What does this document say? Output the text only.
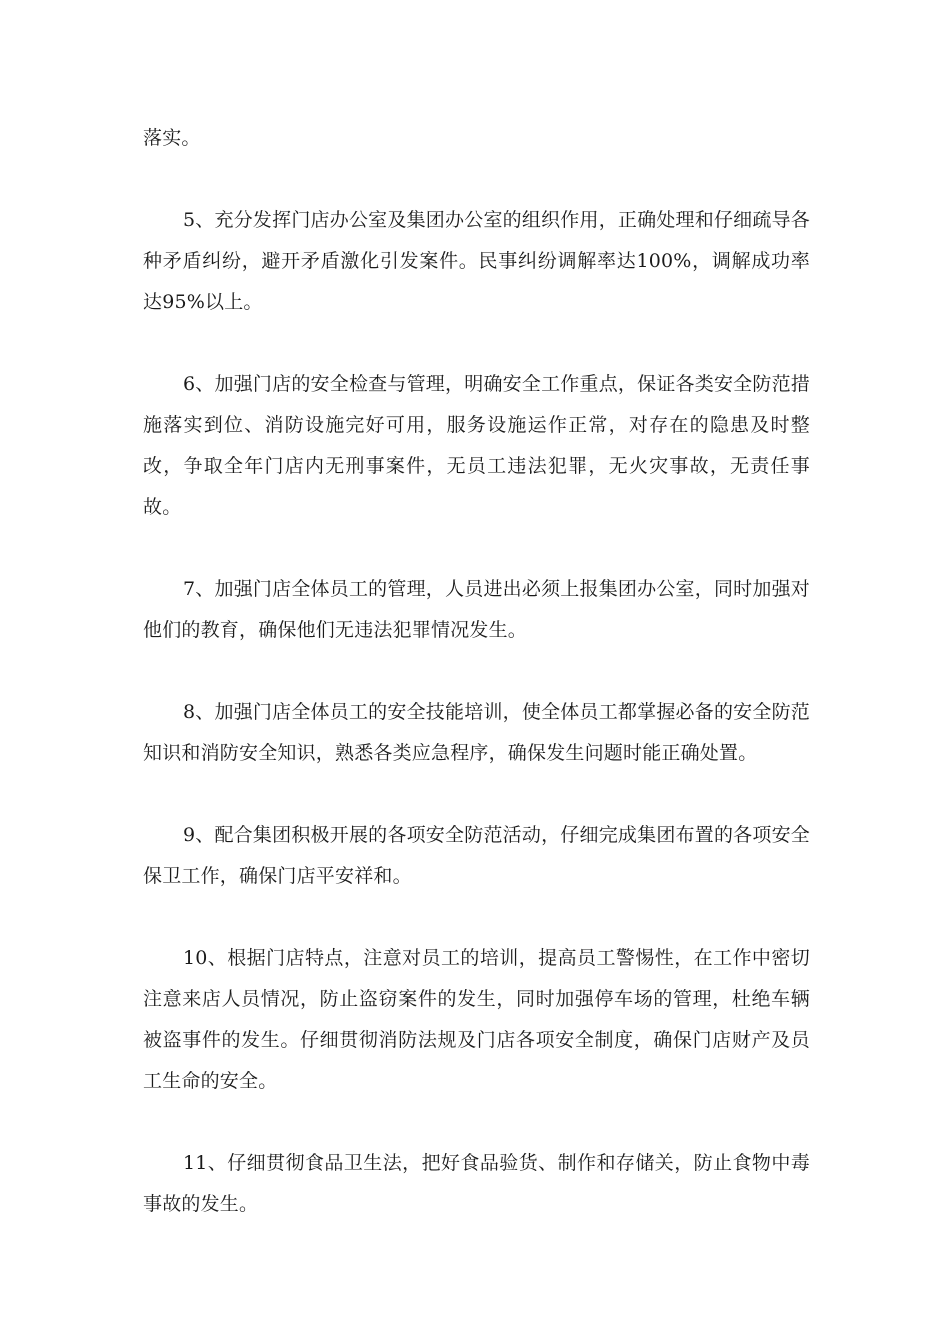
落实。

5、充分发挥门店办公室及集团办公室的组织作用，正确处理和仔细疏导各种矛盾纠纷，避开矛盾激化引发案件。民事纠纷调解率达100%，调解成功率达95%以上。

6、加强门店的安全检查与管理，明确安全工作重点，保证各类安全防范措施落实到位、消防设施完好可用，服务设施运作正常，对存在的隐患及时整改，争取全年门店内无刑事案件，无员工违法犯罪，无火灾事故，无责任事故。

7、加强门店全体员工的管理，人员进出必须上报集团办公室，同时加强对他们的教育，确保他们无违法犯罪情况发生。

8、加强门店全体员工的安全技能培训，使全体员工都掌握必备的安全防范知识和消防安全知识，熟悉各类应急程序，确保发生问题时能正确处置。

9、配合集团积极开展的各项安全防范活动，仔细完成集团布置的各项安全保卫工作，确保门店平安祥和。

10、根据门店特点，注意对员工的培训，提高员工警惕性，在工作中密切注意来店人员情况，防止盗窃案件的发生，同时加强停车场的管理，杜绝车辆被盗事件的发生。仔细贯彻消防法规及门店各项安全制度，确保门店财产及员工生命的安全。

11、仔细贯彻食品卫生法，把好食品验货、制作和存储关，防止食物中毒事故的发生。
